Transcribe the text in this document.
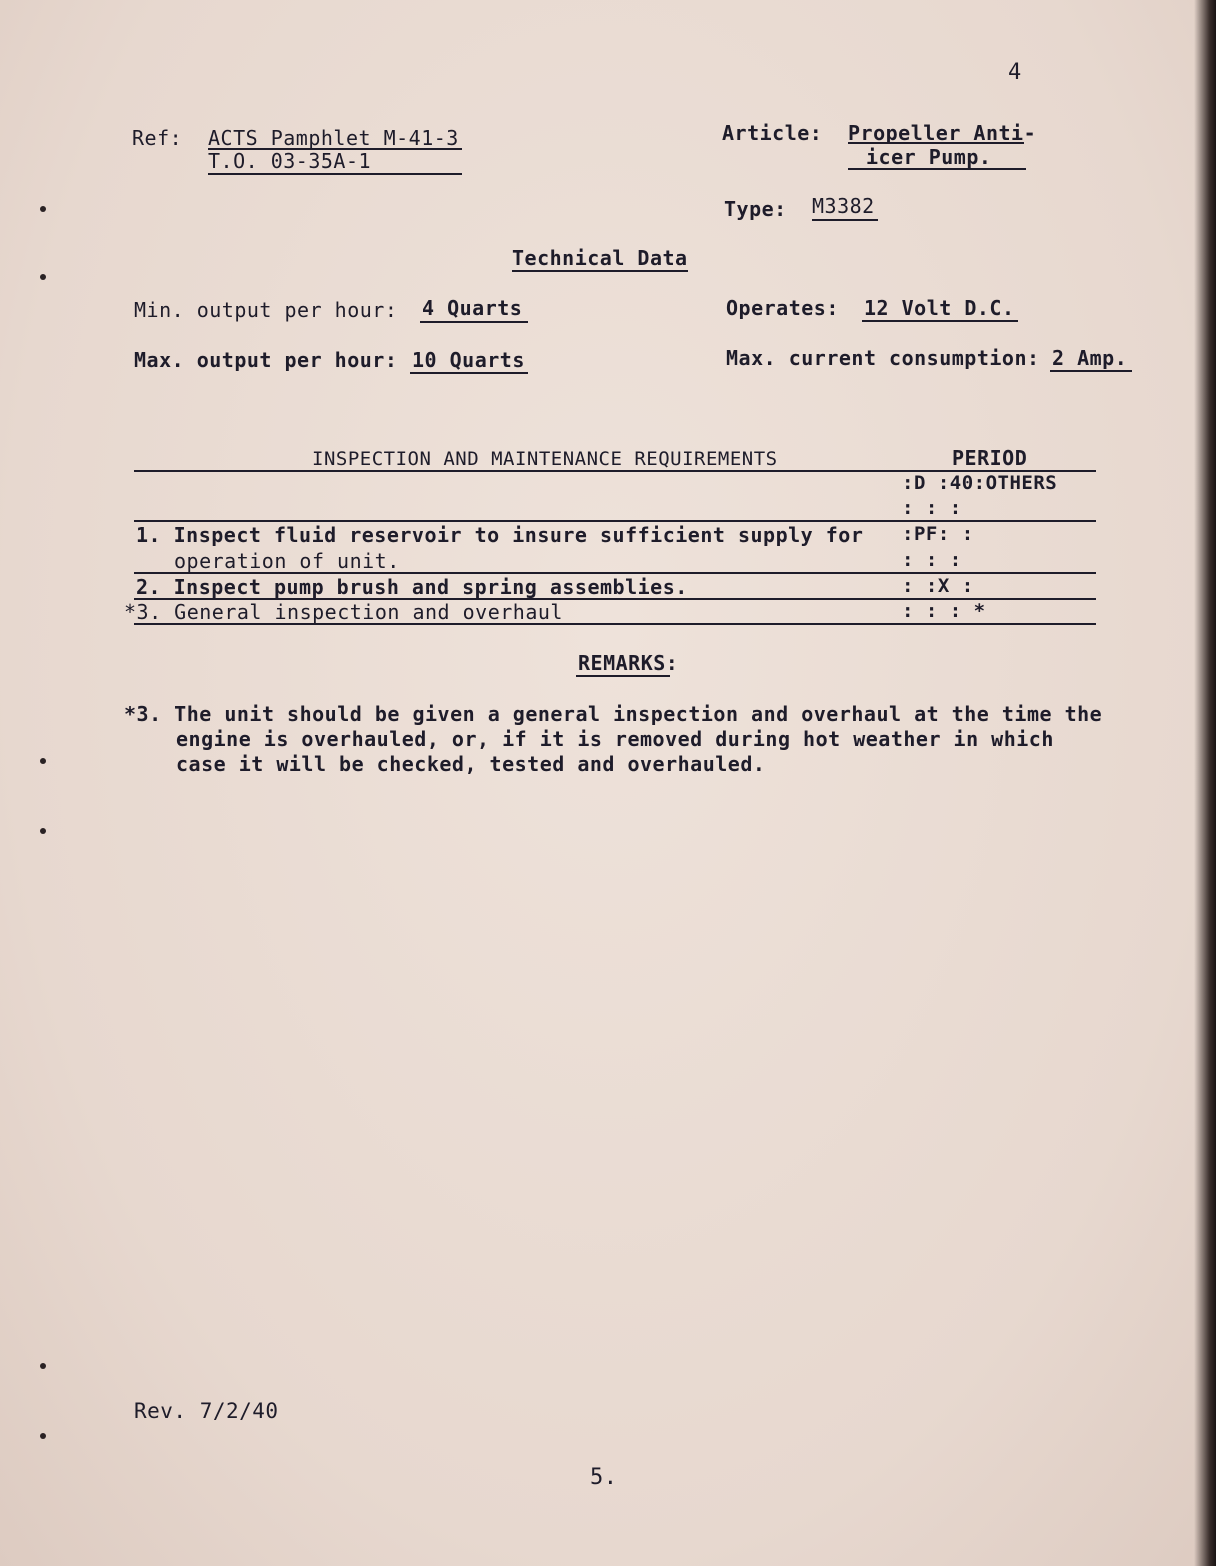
4
Ref: ACTS Pamphlet M-41-3
T.O. 03-35A-1
Article: Propeller Anti-
icer Pump.
Type: M3382
Technical Data
Min. output per hour: 4 Quarts	Operates: 12 Volt D.C.
Max. output per hour: 10 Quarts	Max. current consumption: 2 Amp.
INSPECTION AND MAINTENANCE REQUIREMENTS	PERIOD
:D :40:OTHERS
: : :
1. Inspect fluid reservoir to insure sufficient supply for :PF: :
operation of unit.	: : :
2. Inspect pump brush and spring assemblies.	: :X :
*3. General inspection and overhaul	: : : *
REMARKS:
*3. The unit should be given a general inspection and overhaul at the time the
engine is overhauled, or, if it is removed during hot weather in which
case it will be checked, tested and overhauled.
Rev. 7/2/40
5.
